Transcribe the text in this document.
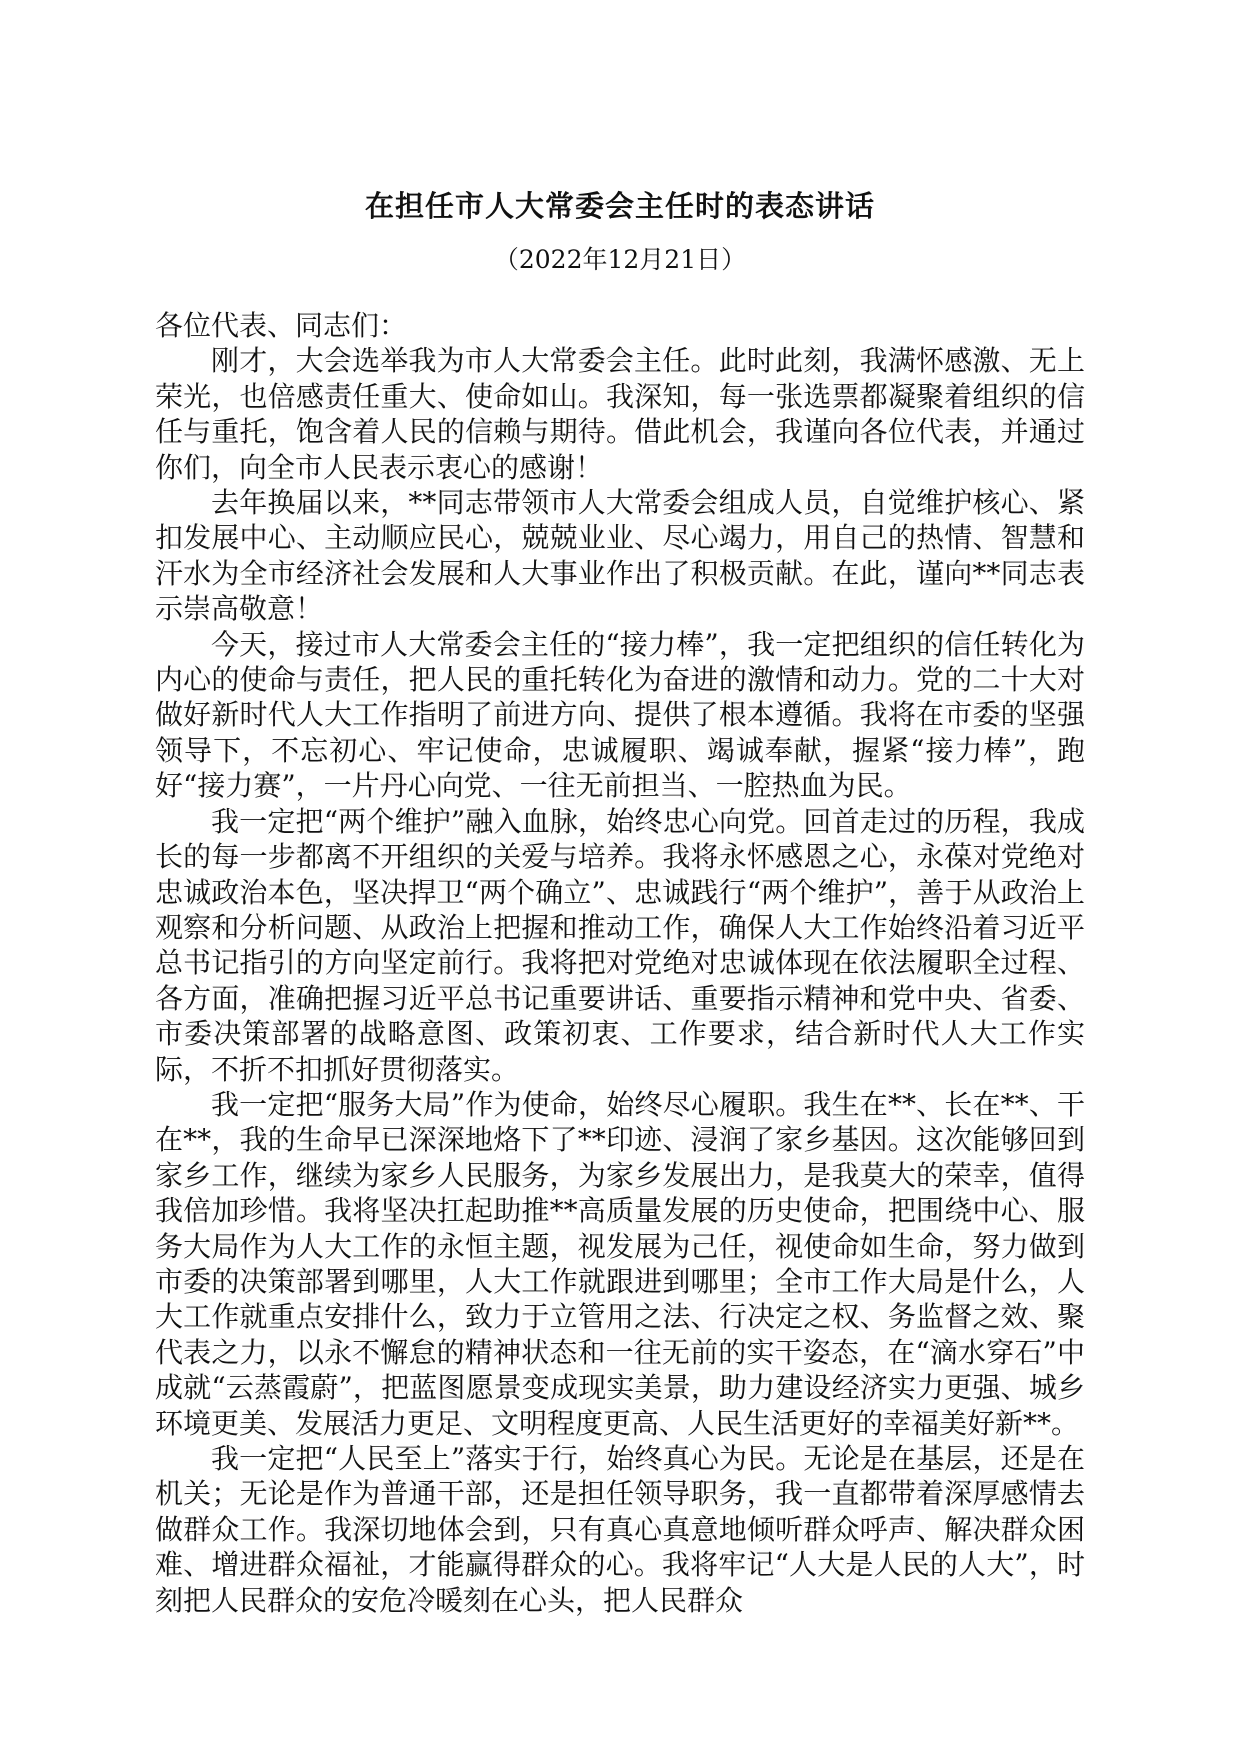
在担任市人大常委会主任时的表态讲话
（2022年12月21日）

各位代表、同志们：

刚才，大会选举我为市人大常委会主任。此时此刻，我满怀感激、无上荣光，也倍感责任重大、使命如山。我深知，每一张选票都凝聚着组织的信任与重托，饱含着人民的信赖与期待。借此机会，我谨向各位代表，并通过你们，向全市人民表示衷心的感谢！

去年换届以来，**同志带领市人大常委会组成人员，自觉维护核心、紧扣发展中心、主动顺应民心，兢兢业业、尽心竭力，用自己的热情、智慧和汗水为全市经济社会发展和人大事业作出了积极贡献。在此，谨向**同志表示崇高敬意！

今天，接过市人大常委会主任的“接力棒”，我一定把组织的信任转化为内心的使命与责任，把人民的重托转化为奋进的激情和动力。党的二十大对做好新时代人大工作指明了前进方向、提供了根本遵循。我将在市委的坚强领导下，不忘初心、牢记使命，忠诚履职、竭诚奉献，握紧“接力棒”，跑好“接力赛”，一片丹心向党、一往无前担当、一腔热血为民。

我一定把“两个维护”融入血脉，始终忠心向党。回首走过的历程，我成长的每一步都离不开组织的关爱与培养。我将永怀感恩之心，永葆对党绝对忠诚政治本色，坚决捍卫“两个确立”、忠诚践行“两个维护”，善于从政治上观察和分析问题、从政治上把握和推动工作，确保人大工作始终沿着习近平总书记指引的方向坚定前行。我将把对党绝对忠诚体现在依法履职全过程、各方面，准确把握习近平总书记重要讲话、重要指示精神和党中央、省委、市委决策部署的战略意图、政策初衷、工作要求，结合新时代人大工作实际，不折不扣抓好贯彻落实。

我一定把“服务大局”作为使命，始终尽心履职。我生在**、长在**、干在**，我的生命早已深深地烙下了**印迹、浸润了家乡基因。这次能够回到家乡工作，继续为家乡人民服务，为家乡发展出力，是我莫大的荣幸，值得我倍加珍惜。我将坚决扛起助推**高质量发展的历史使命，把围绕中心、服务大局作为人大工作的永恒主题，视发展为己任，视使命如生命，努力做到市委的决策部署到哪里，人大工作就跟进到哪里；全市工作大局是什么，人大工作就重点安排什么，致力于立管用之法、行决定之权、务监督之效、聚代表之力，以永不懈怠的精神状态和一往无前的实干姿态，在“滴水穿石”中成就“云蒸霞蔚”，把蓝图愿景变成现实美景，助力建设经济实力更强、城乡环境更美、发展活力更足、文明程度更高、人民生活更好的幸福美好新**。

我一定把“人民至上”落实于行，始终真心为民。无论是在基层，还是在机关；无论是作为普通干部，还是担任领导职务，我一直都带着深厚感情去做群众工作。我深切地体会到，只有真心真意地倾听群众呼声、解决群众困难、增进群众福祉，才能赢得群众的心。我将牢记“人大是人民的人大”，时刻把人民群众的安危冷暖刻在心头，把人民群众
